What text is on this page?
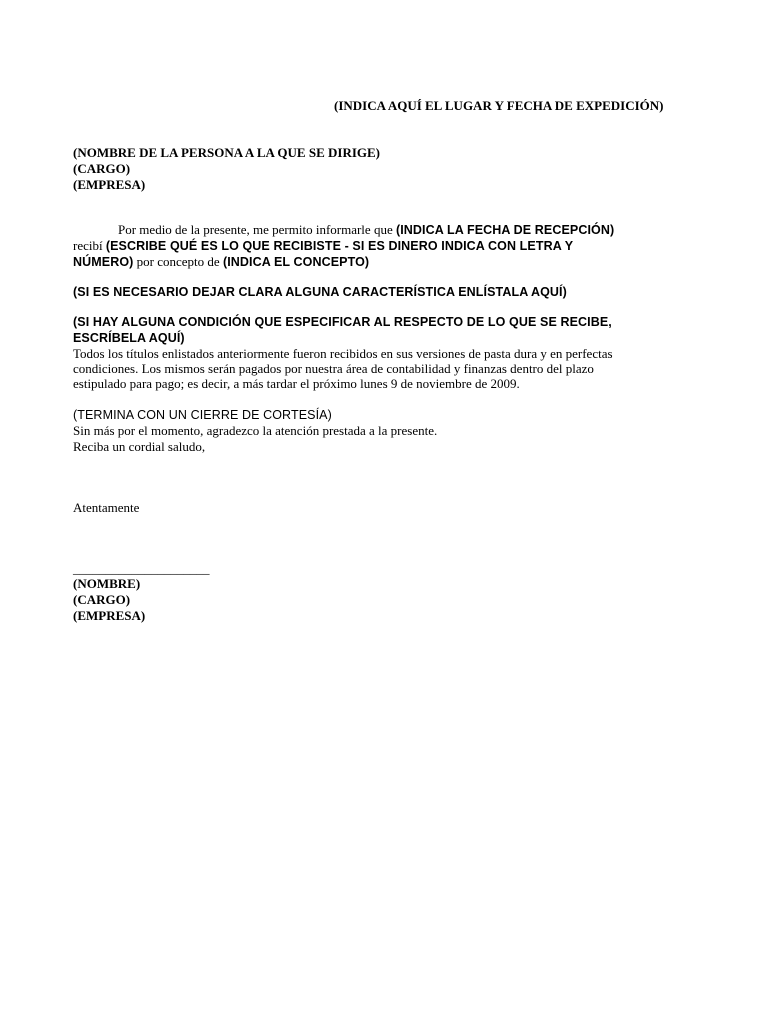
(INDICA AQUÍ EL LUGAR Y FECHA DE EXPEDICIÓN)
(NOMBRE DE LA PERSONA A LA QUE SE DIRIGE)
(CARGO)
(EMPRESA)
Por medio de la presente, me permito informarle que (INDICA LA FECHA DE RECEPCIÓN)
recibí (ESCRIBE QUÉ ES LO QUE RECIBISTE - SI ES DINERO INDICA CON LETRA Y
NÚMERO) por concepto de (INDICA EL CONCEPTO)
(SI ES NECESARIO DEJAR CLARA ALGUNA CARACTERÍSTICA ENLÍSTALA AQUÍ)
(SI HAY ALGUNA CONDICIÓN QUE ESPECIFICAR AL RESPECTO DE LO QUE SE RECIBE,
ESCRÍBELA AQUÍ)
Todos los títulos enlistados anteriormente fueron recibidos en sus versiones de pasta dura y en perfectas
condiciones. Los mismos serán pagados por nuestra área de contabilidad y finanzas dentro del plazo
estipulado para pago; es decir, a más tardar el próximo lunes 9 de noviembre de 2009.
(TERMINA CON UN CIERRE DE CORTESÍA)
Sin más por el momento, agradezco la atención prestada a la presente.
Reciba un cordial saludo,
Atentamente
_____________________
(NOMBRE)
(CARGO)
(EMPRESA)
